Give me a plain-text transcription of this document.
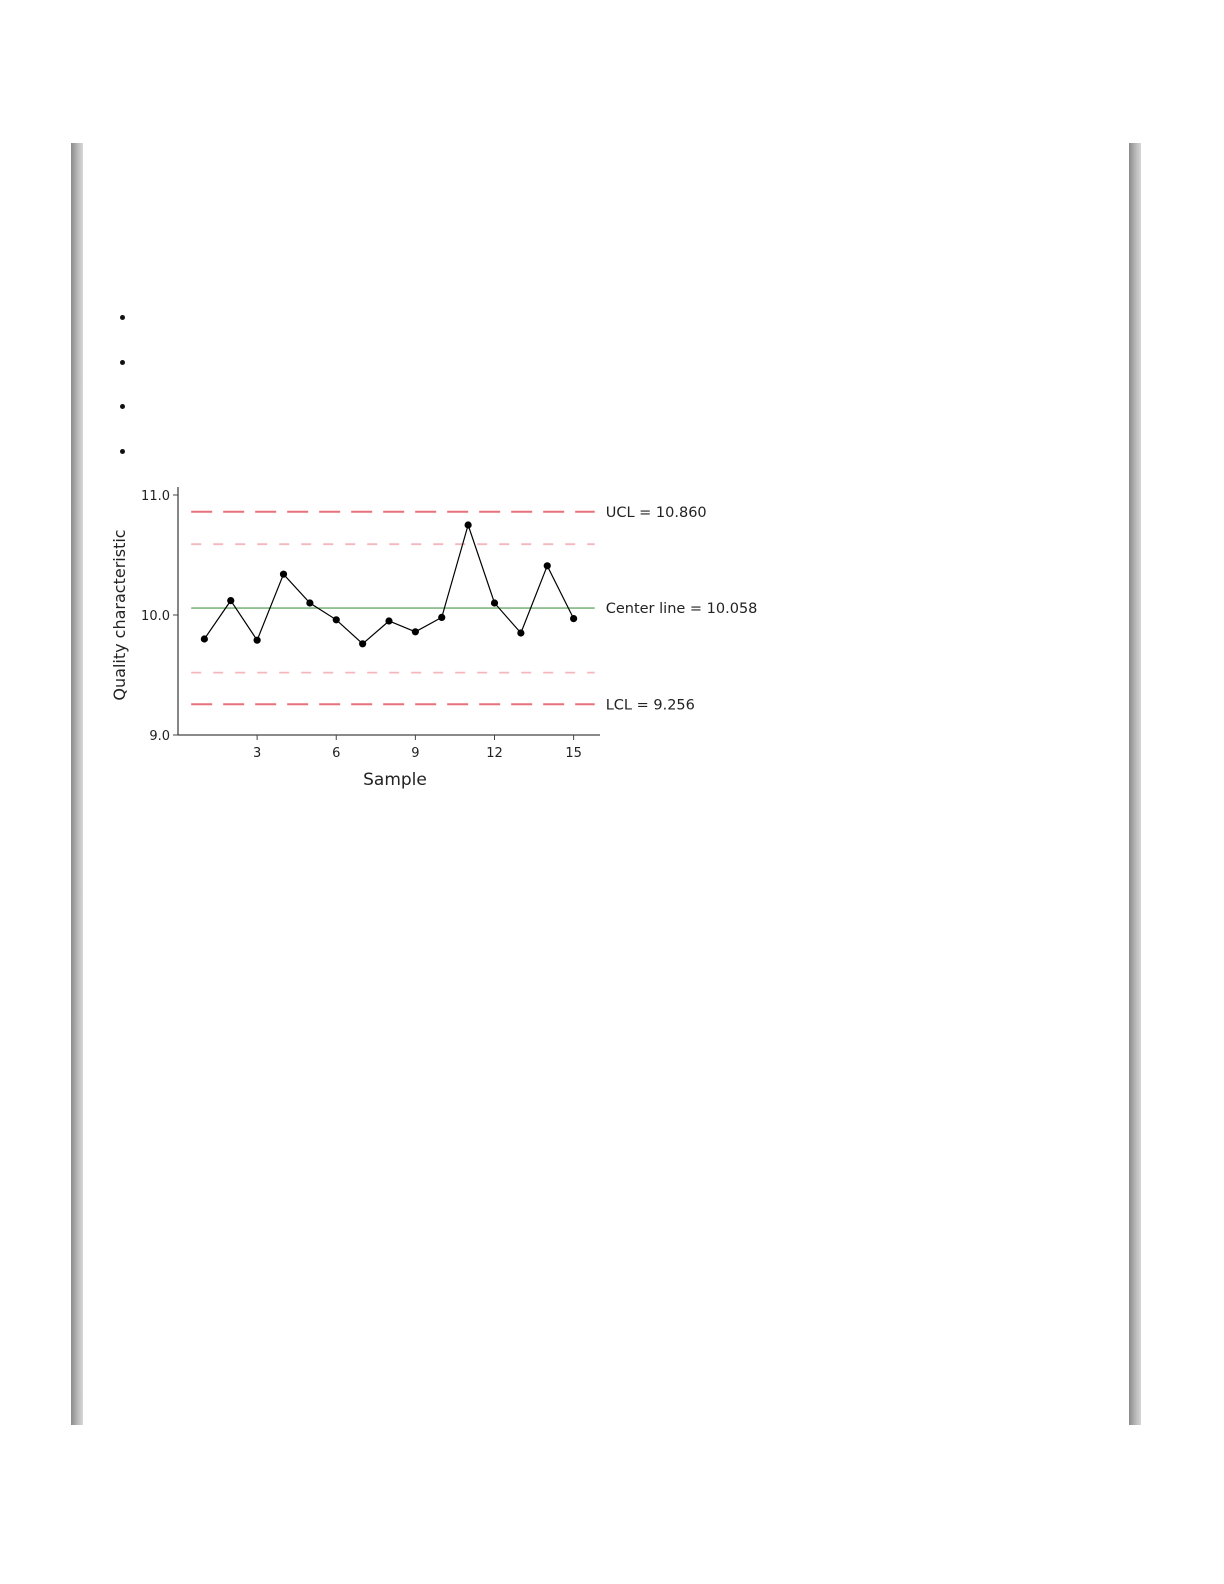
Quality characteristic
Sample
9.0
10.0
11.0
3	6	9	12	15
UCL = 10.860
Center line = 10.058
LCL = 9.256
